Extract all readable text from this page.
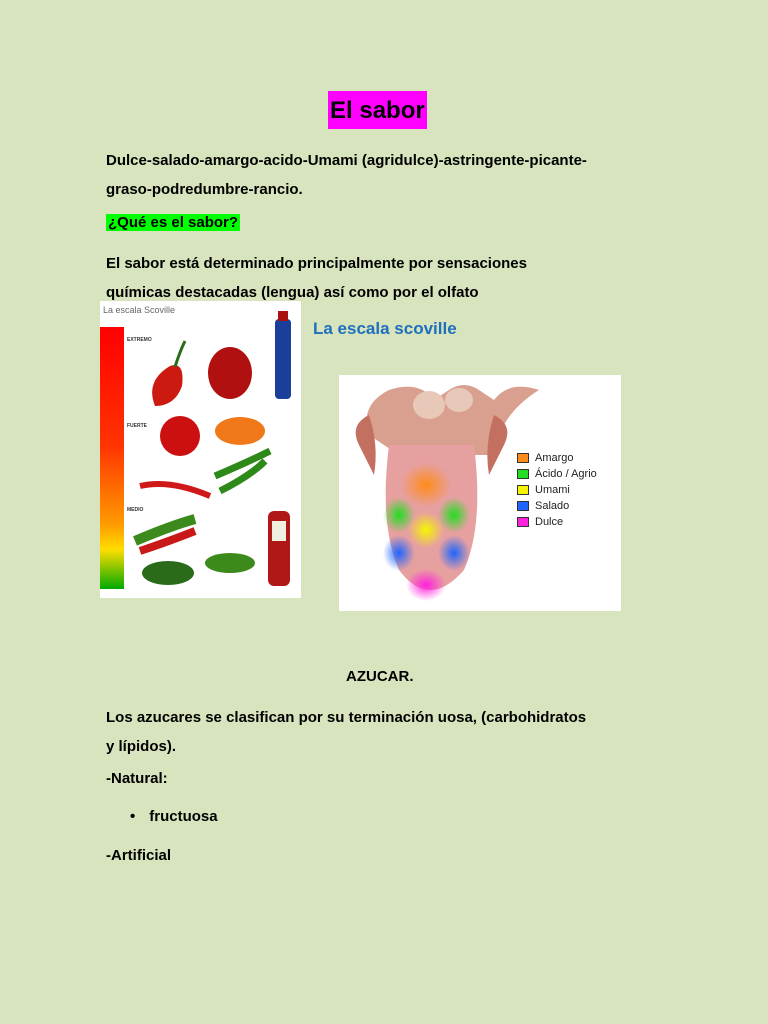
El sabor
Dulce-salado-amargo-acido-Umami (agridulce)-astringente-picante-
graso-podredumbre-rancio.
¿Qué es el sabor?
El sabor está determinado principalmente por sensaciones
químicas destacadas (lengua) así como por el olfato
La escala Scoville
EXTREMO
FUERTE
MEDIO
La escala scoville
Amargo
Ácido / Agrio
Umami
Salado
Dulce
AZUCAR.
Los azucares se clasifican por su terminación uosa, (carbohidratos
y lípidos).
-Natural:
• fructuosa
-Artificial
